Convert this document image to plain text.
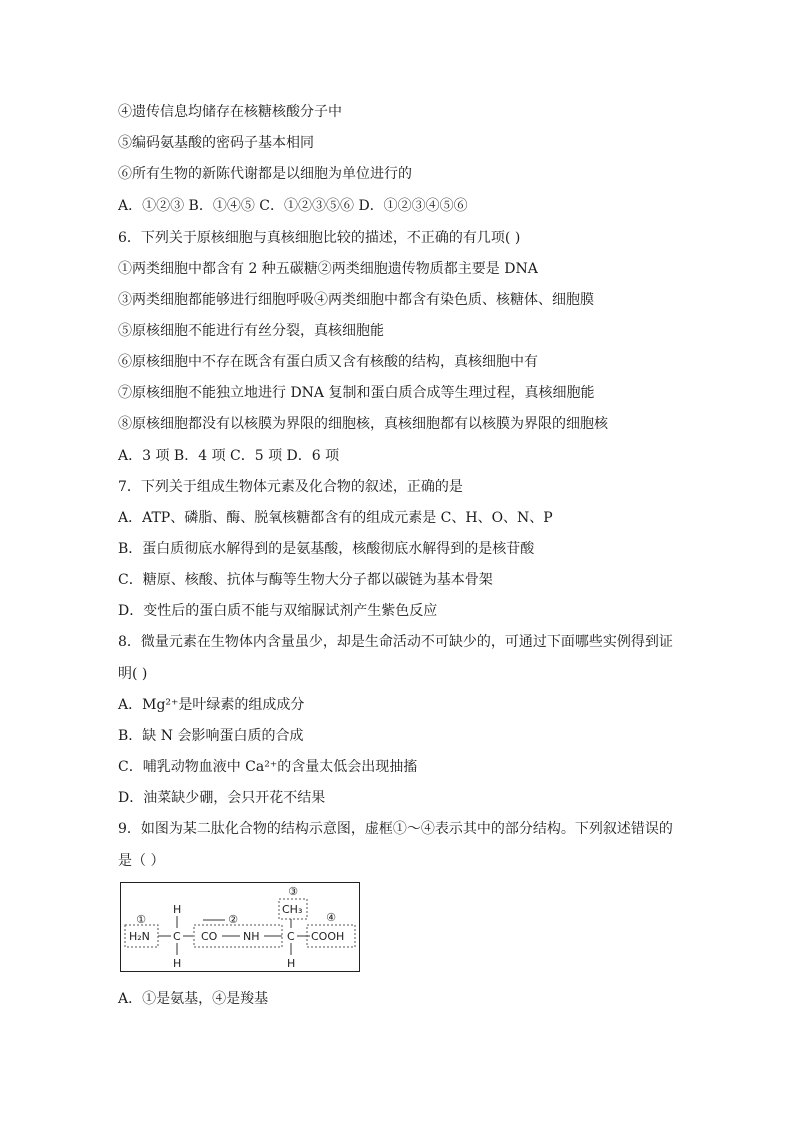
④遗传信息均储存在核糖核酸分子中
⑤编码氨基酸的密码子基本相同
⑥所有生物的新陈代谢都是以细胞为单位进行的
A．①②③ B．①④⑤ C．①②③⑤⑥ D．①②③④⑤⑥
6．下列关于原核细胞与真核细胞比较的描述，不正确的有几项( )
①两类细胞中都含有 2 种五碳糖②两类细胞遗传物质都主要是 DNA
③两类细胞都能够进行细胞呼吸④两类细胞中都含有染色质、核糖体、细胞膜
⑤原核细胞不能进行有丝分裂，真核细胞能
⑥原核细胞中不存在既含有蛋白质又含有核酸的结构，真核细胞中有
⑦原核细胞不能独立地进行 DNA 复制和蛋白质合成等生理过程，真核细胞能
⑧原核细胞都没有以核膜为界限的细胞核，真核细胞都有以核膜为界限的细胞核
A．3 项 B．4 项 C．5 项 D．6 项
7．下列关于组成生物体元素及化合物的叙述，正确的是
A．ATP、磷脂、酶、脱氧核糖都含有的组成元素是 C、H、O、N、P
B．蛋白质彻底水解得到的是氨基酸，核酸彻底水解得到的是核苷酸
C．糖原、核酸、抗体与酶等生物大分子都以碳链为基本骨架
D．变性后的蛋白质不能与双缩脲试剂产生紫色反应
8．微量元素在生物体内含量虽少，却是生命活动不可缺少的，可通过下面哪些实例得到证
明( )
A．Mg²⁺是叶绿素的组成成分
B．缺 N 会影响蛋白质的合成
C．哺乳动物血液中 Ca²⁺的含量太低会出现抽搐
D．油菜缺少硼，会只开花不结果
9．如图为某二肽化合物的结构示意图，虚框①～④表示其中的部分结构。下列叙述错误的
是（ ）
①
H₂N C
H
H
②
CO NH
③
CH₃
C
H
④
COOH
A．①是氨基，④是羧基
